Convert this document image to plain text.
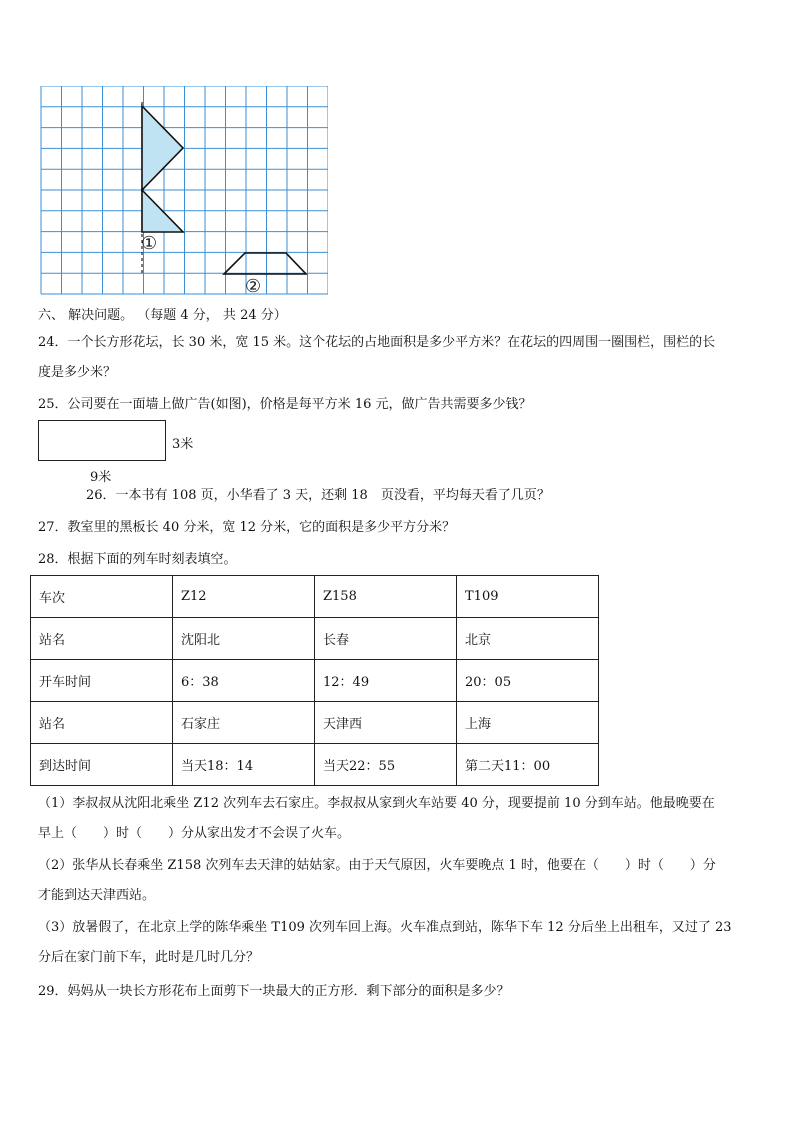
①
②
六、 解决问题。 （每题 4 分， 共 24 分）
24．一个长方形花坛，长 30 米，宽 15 米。这个花坛的占地面积是多少平方米？在花坛的四周围一圈围栏，围栏的长
度是多少米？
25．公司要在一面墙上做广告(如图)，价格是每平方米 16 元，做广告共需要多少钱？
3米
9米
26．一本书有 108 页，小华看了 3 天，还剩 18　页没看，平均每天看了几页？
27．教室里的黑板长 40 分米，宽 12 分米，它的面积是多少平方分米？
28．根据下面的列车时刻表填空。
车次	Z12	Z158	T109
站名	沈阳北	长春	北京
开车时间	6：38	12：49	20：05
站名	石家庄	天津西	上海
到达时间	当天18：14	当天22：55	第二天11：00
（1）李叔叔从沈阳北乘坐 Z12 次列车去石家庄。李叔叔从家到火车站要 40 分，现要提前 10 分到车站。他最晚要在
早上（　　）时（　　）分从家出发才不会误了火车。
（2）张华从长春乘坐 Z158 次列车去天津的姑姑家。由于天气原因，火车要晚点 1 时，他要在（　　）时（　　）分
才能到达天津西站。
（3）放暑假了，在北京上学的陈华乘坐 T109 次列车回上海。火车准点到站，陈华下车 12 分后坐上出租车，又过了 23
分后在家门前下车，此时是几时几分？
29．妈妈从一块长方形花布上面剪下一块最大的正方形．剩下部分的面积是多少？
